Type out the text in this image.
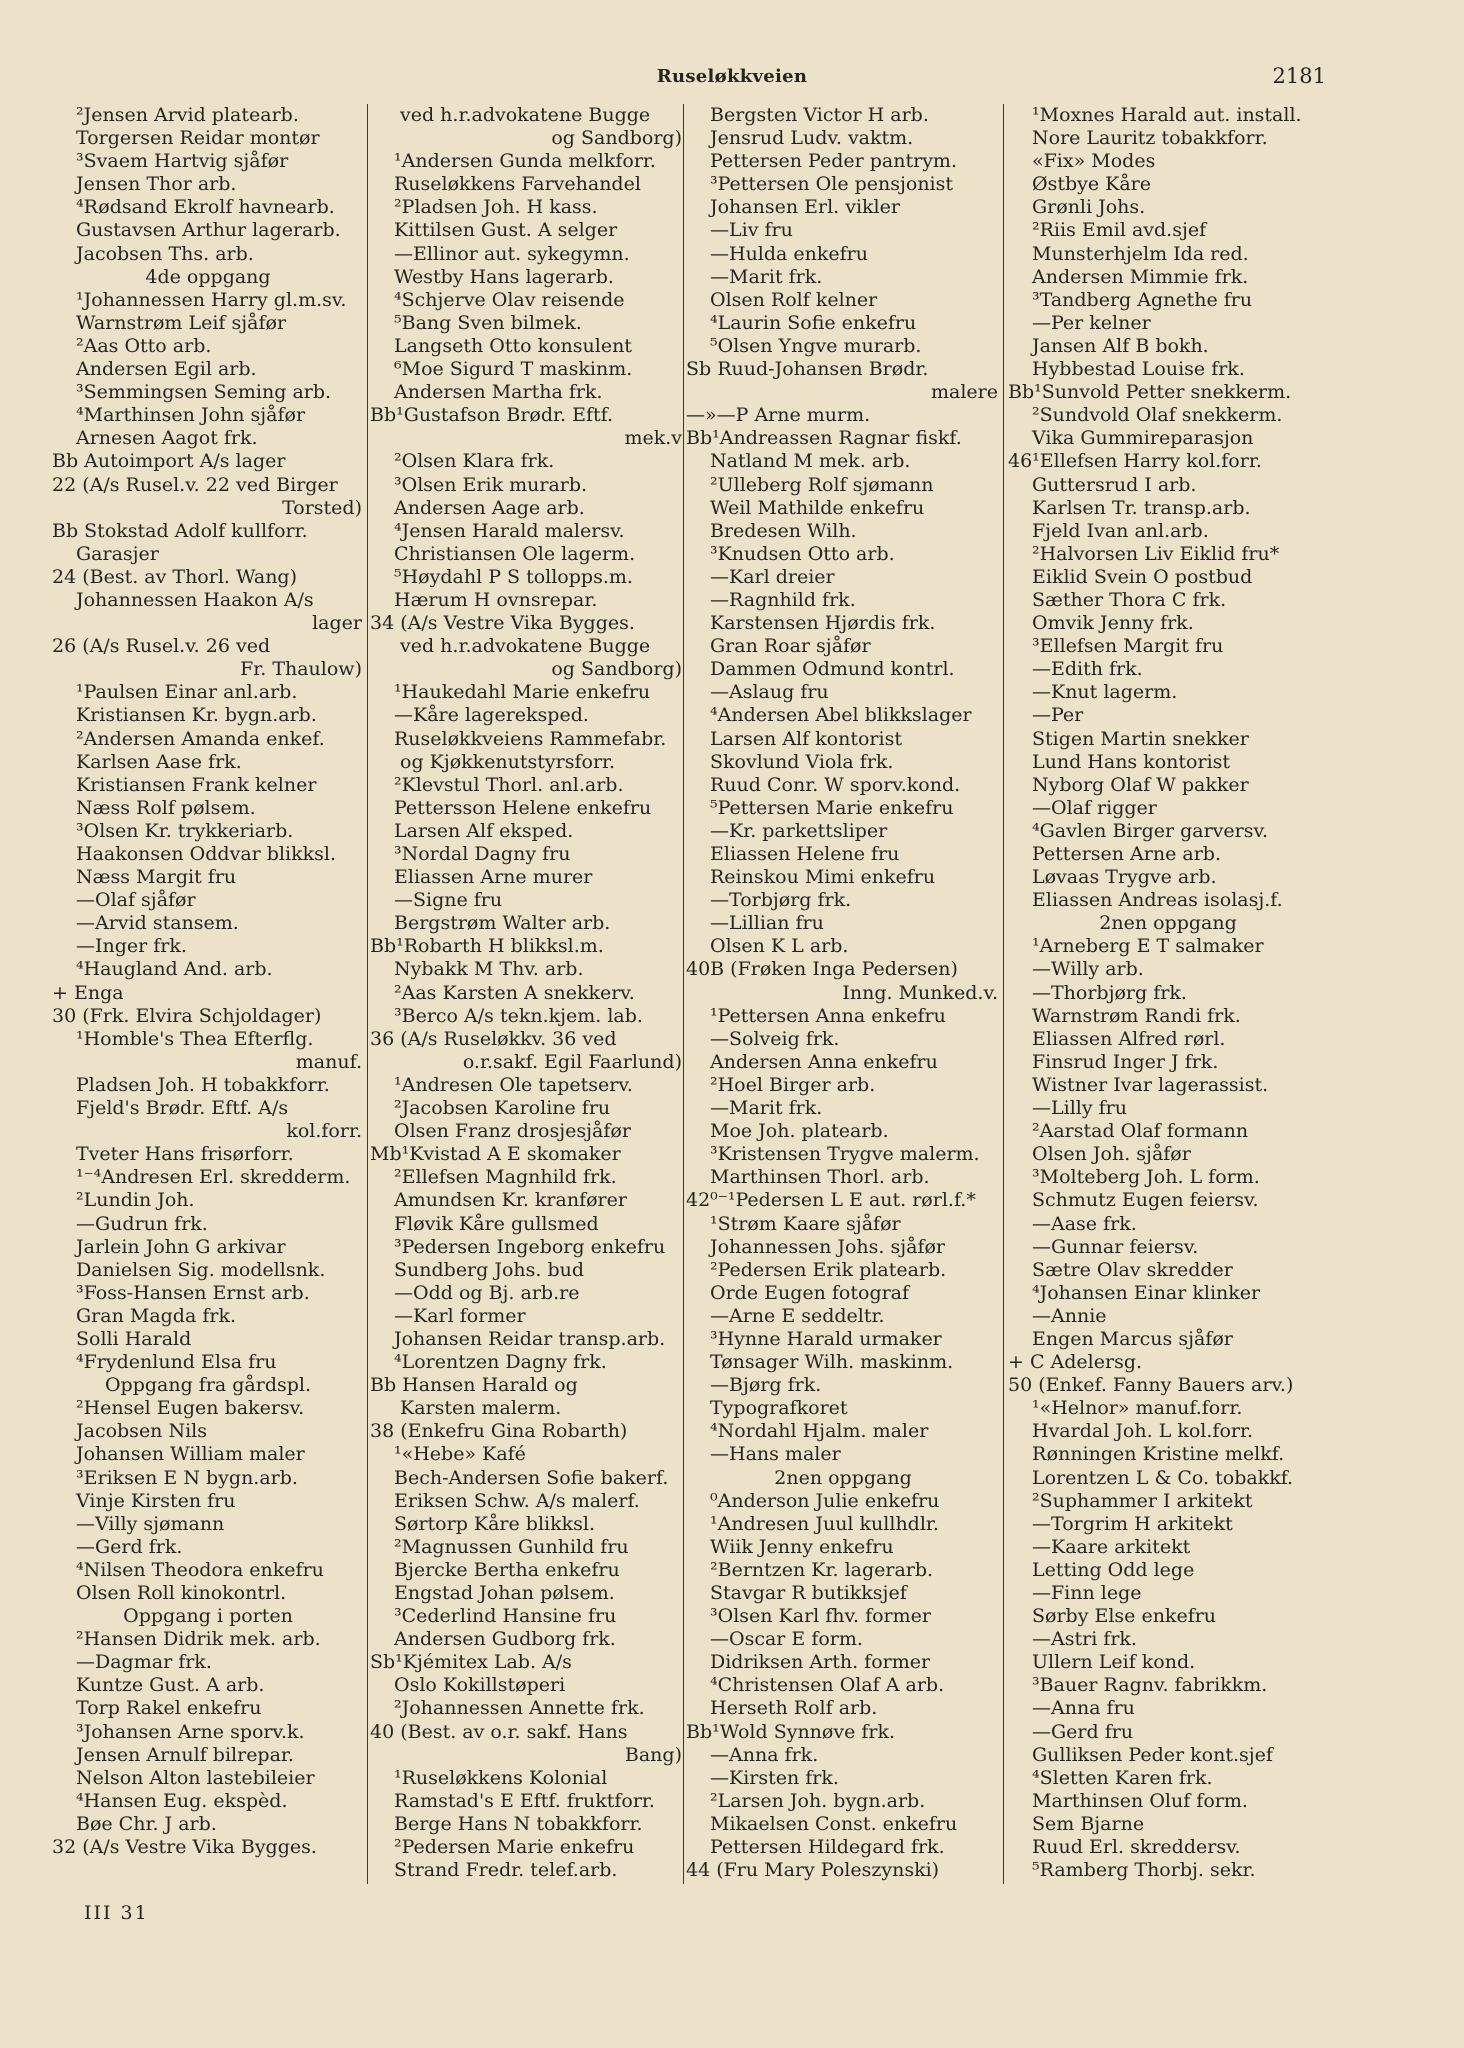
Ruseløkkveien	2181
²Jensen Arvid platearb.
Torgersen Reidar montør
³Svaem Hartvig sjåfør
Jensen Thor arb.
⁴Rødsand Ekrolf havnearb.
Gustavsen Arthur lagerarb.
Jacobsen Ths. arb.
4de oppgang
¹Johannessen Harry gl.m.sv.
Warnstrøm Leif sjåfør
²Aas Otto arb.
Andersen Egil arb.
³Semmingsen Seming arb.
⁴Marthinsen John sjåfør
Arnesen Aagot frk.
Bb Autoimport A/s lager
22 (A/s Rusel.v. 22 ved Birger
Torsted)
Bb Stokstad Adolf kullforr.
Garasjer
24 (Best. av Thorl. Wang)
Johannessen Haakon A/s
lager
26 (A/s Rusel.v. 26 ved
Fr. Thaulow)
¹Paulsen Einar anl.arb.
Kristiansen Kr. bygn.arb.
²Andersen Amanda enkef.
Karlsen Aase frk.
Kristiansen Frank kelner
Næss Rolf pølsem.
³Olsen Kr. trykkeriarb.
Haakonsen Oddvar blikksl.
Næss Margit fru
—Olaf sjåfør
—Arvid stansem.
—Inger frk.
⁴Haugland And. arb.
+ Enga
30 (Frk. Elvira Schjoldager)
¹Homble's Thea Efterflg.
manuf.
Pladsen Joh. H tobakkforr.
Fjeld's Brødr. Eftf. A/s
kol.forr.
Tveter Hans frisørforr.
¹⁻⁴Andresen Erl. skredderm.
²Lundin Joh.
—Gudrun frk.
Jarlein John G arkivar
Danielsen Sig. modellsnk.
³Foss-Hansen Ernst arb.
Gran Magda frk.
Solli Harald
⁴Frydenlund Elsa fru
Oppgang fra gårdspl.
²Hensel Eugen bakersv.
Jacobsen Nils
Johansen William maler
³Eriksen E N bygn.arb.
Vinje Kirsten fru
—Villy sjømann
—Gerd frk.
⁴Nilsen Theodora enkefru
Olsen Roll kinokontrl.
Oppgang i porten
²Hansen Didrik mek. arb.
—Dagmar frk.
Kuntze Gust. A arb.
Torp Rakel enkefru
³Johansen Arne sporv.k.
Jensen Arnulf bilrepar.
Nelson Alton lastebileier
⁴Hansen Eug. ekspèd.
Bøe Chr. J arb.
32 (A/s Vestre Vika Bygges.
ved h.r.advokatene Bugge
og Sandborg)
¹Andersen Gunda melkforr.
Ruseløkkens Farvehandel
²Pladsen Joh. H kass.
Kittilsen Gust. A selger
—Ellinor aut. sykegymn.
Westby Hans lagerarb.
⁴Schjerve Olav reisende
⁵Bang Sven bilmek.
Langseth Otto konsulent
⁶Moe Sigurd T maskinm.
Andersen Martha frk.
Bb¹Gustafson Brødr. Eftf.
mek.v
²Olsen Klara frk.
³Olsen Erik murarb.
Andersen Aage arb.
⁴Jensen Harald malersv.
Christiansen Ole lagerm.
⁵Høydahl P S tollopps.m.
Hærum H ovnsrepar.
34 (A/s Vestre Vika Bygges.
ved h.r.advokatene Bugge
og Sandborg)
¹Haukedahl Marie enkefru
—Kåre lagereksped.
Ruseløkkveiens Rammefabr.
og Kjøkkenutstyrsforr.
²Klevstul Thorl. anl.arb.
Pettersson Helene enkefru
Larsen Alf eksped.
³Nordal Dagny fru
Eliassen Arne murer
—Signe fru
Bergstrøm Walter arb.
Bb¹Robarth H blikksl.m.
Nybakk M Thv. arb.
²Aas Karsten A snekkerv.
³Berco A/s tekn.kjem. lab.
36 (A/s Ruseløkkv. 36 ved
o.r.sakf. Egil Faarlund)
¹Andresen Ole tapetserv.
²Jacobsen Karoline fru
Olsen Franz drosjesjåfør
Mb¹Kvistad A E skomaker
²Ellefsen Magnhild frk.
Amundsen Kr. kranfører
Fløvik Kåre gullsmed
³Pedersen Ingeborg enkefru
Sundberg Johs. bud
—Odd og Bj. arb.re
—Karl former
Johansen Reidar transp.arb.
⁴Lorentzen Dagny frk.
Bb Hansen Harald og
Karsten malerm.
38 (Enkefru Gina Robarth)
¹«Hebe» Kafé
Bech-Andersen Sofie bakerf.
Eriksen Schw. A/s malerf.
Sørtorp Kåre blikksl.
²Magnussen Gunhild fru
Bjercke Bertha enkefru
Engstad Johan pølsem.
³Cederlind Hansine fru
Andersen Gudborg frk.
Sb¹Kjémitex Lab. A/s
Oslo Kokillstøperi
²Johannessen Annette frk.
40 (Best. av o.r. sakf. Hans
Bang)
¹Ruseløkkens Kolonial
Ramstad's E Eftf. fruktforr.
Berge Hans N tobakkforr.
²Pedersen Marie enkefru
Strand Fredr. telef.arb.
Bergsten Victor H arb.
Jensrud Ludv. vaktm.
Pettersen Peder pantrym.
³Pettersen Ole pensjonist
Johansen Erl. vikler
—Liv fru
—Hulda enkefru
—Marit frk.
Olsen Rolf kelner
⁴Laurin Sofie enkefru
⁵Olsen Yngve murarb.
Sb Ruud-Johansen Brødr.
malere
—»—P Arne murm.
Bb¹Andreassen Ragnar fiskf.
Natland M mek. arb.
²Ulleberg Rolf sjømann
Weil Mathilde enkefru
Bredesen Wilh.
³Knudsen Otto arb.
—Karl dreier
—Ragnhild frk.
Karstensen Hjørdis frk.
Gran Roar sjåfør
Dammen Odmund kontrl.
—Aslaug fru
⁴Andersen Abel blikkslager
Larsen Alf kontorist
Skovlund Viola frk.
Ruud Conr. W sporv.kond.
⁵Pettersen Marie enkefru
—Kr. parkettsliper
Eliassen Helene fru
Reinskou Mimi enkefru
—Torbjørg frk.
—Lillian fru
Olsen K L arb.
40B (Frøken Inga Pedersen)
Inng. Munked.v.
¹Pettersen Anna enkefru
—Solveig frk.
Andersen Anna enkefru
²Hoel Birger arb.
—Marit frk.
Moe Joh. platearb.
³Kristensen Trygve malerm.
Marthinsen Thorl. arb.
42⁰⁻¹Pedersen L E aut. rørl.f.*
¹Strøm Kaare sjåfør
Johannessen Johs. sjåfør
²Pedersen Erik platearb.
Orde Eugen fotograf
—Arne E seddeltr.
³Hynne Harald urmaker
Tønsager Wilh. maskinm.
—Bjørg frk.
Typografkoret
⁴Nordahl Hjalm. maler
—Hans maler
2nen oppgang
⁰Anderson Julie enkefru
¹Andresen Juul kullhdlr.
Wiik Jenny enkefru
²Berntzen Kr. lagerarb.
Stavgar R butikksjef
³Olsen Karl fhv. former
—Oscar E form.
Didriksen Arth. former
⁴Christensen Olaf A arb.
Herseth Rolf arb.
Bb¹Wold Synnøve frk.
—Anna frk.
—Kirsten frk.
²Larsen Joh. bygn.arb.
Mikaelsen Const. enkefru
Pettersen Hildegard frk.
44 (Fru Mary Poleszynski)
¹Moxnes Harald aut. install.
Nore Lauritz tobakkforr.
«Fix» Modes
Østbye Kåre
Grønli Johs.
²Riis Emil avd.sjef
Munsterhjelm Ida red.
Andersen Mimmie frk.
³Tandberg Agnethe fru
—Per kelner
Jansen Alf B bokh.
Hybbestad Louise frk.
Bb¹Sunvold Petter snekkerm.
²Sundvold Olaf snekkerm.
Vika Gummireparasjon
46¹Ellefsen Harry kol.forr.
Guttersrud I arb.
Karlsen Tr. transp.arb.
Fjeld Ivan anl.arb.
²Halvorsen Liv Eiklid fru*
Eiklid Svein O postbud
Sæther Thora C frk.
Omvik Jenny frk.
³Ellefsen Margit fru
—Edith frk.
—Knut lagerm.
—Per
Stigen Martin snekker
Lund Hans kontorist
Nyborg Olaf W pakker
—Olaf rigger
⁴Gavlen Birger garversv.
Pettersen Arne arb.
Løvaas Trygve arb.
Eliassen Andreas isolasj.f.
2nen oppgang
¹Arneberg E T salmaker
—Willy arb.
—Thorbjørg frk.
Warnstrøm Randi frk.
Eliassen Alfred rørl.
Finsrud Inger J frk.
Wistner Ivar lagerassist.
—Lilly fru
²Aarstad Olaf formann
Olsen Joh. sjåfør
³Molteberg Joh. L form.
Schmutz Eugen feiersv.
—Aase frk.
—Gunnar feiersv.
Sætre Olav skredder
⁴Johansen Einar klinker
—Annie
Engen Marcus sjåfør
+ C Adelersg.
50 (Enkef. Fanny Bauers arv.)
¹«Helnor» manuf.forr.
Hvardal Joh. L kol.forr.
Rønningen Kristine melkf.
Lorentzen L & Co. tobakkf.
²Suphammer I arkitekt
—Torgrim H arkitekt
—Kaare arkitekt
Letting Odd lege
—Finn lege
Sørby Else enkefru
—Astri frk.
Ullern Leif kond.
³Bauer Ragnv. fabrikkm.
—Anna fru
—Gerd fru
Gulliksen Peder kont.sjef
⁴Sletten Karen frk.
Marthinsen Oluf form.
Sem Bjarne
Ruud Erl. skreddersv.
⁵Ramberg Thorbj. sekr.
III 31
